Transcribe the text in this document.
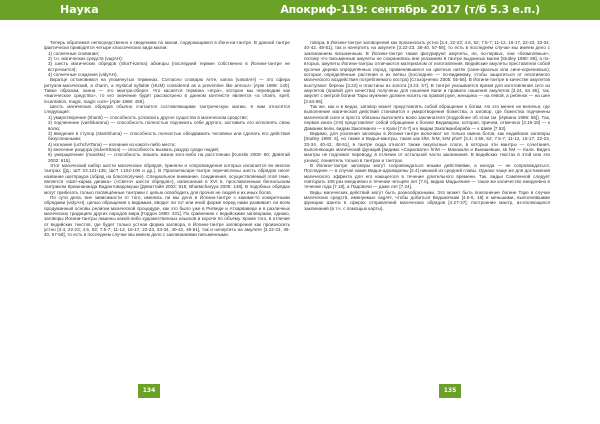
Наука	Апокриф-119: сентябрь 2017 (т/б 5.3 е.п.)

Теперь обратимся непосредственно к сведениям по магии, содержащимся в Йоги-ни-тантре. В данной тантре фактически приводятся четыре классических вида магии:

1) солнечные снования;
2) т.н. магических средств (vagAH);
3) шесть магических обрядов (ShaT-karma) абхиоры (последний термин собственно в Йогини-тантре не встречается);
4) солнечные сокдения (vidyAH).

Вкратце остановимся на упомянутых терминах. Согласно словарю Апте, каnna (vasatAH) — это сфера ритуала-магический, а charm, a mystical syllable (HUM) considered as a preventive like armour» [Apte 1988: 140]. Также образом, канна — это мантра-оберег. Что касается термина «ягра», которое мы переводим как «магическое средство», то его значение будет рассмотрено в данном контексте является «a charm, spell, incantation, magic, magic cure» [Apte 1988: 459].

Шесть магических обрядов обычно считается составляющими тантрическую магию. К ним относятся следующие:

1) умиротворение (shanti) — способность успокоить другое существо в магическом средстве;
2) подчинение (vashikarana) — способность полностью подчинить себе другого, заставить его исполнять свою волю;
3) введение в ступор (stambhana) — способность полностью обездвижить человека или сделать его действия безуспешными;
4) изгнание (uchchATana) — изгнание из какого-либо места;
5) внесение раздора (vidveShana) — способность вызвать раздор среди людей;
6) умерщвление (maraNa) — способность лишать жизни кого-либо на расстоянии [Kunstis 2009: 80; Девятай 2002: 615].

Этот магический набор шести магических обрядов, приняли и сопровождения которых излагается во многих тантрах ([Д.; ШТ 23.121-135; ШсТ I.102-106 и др.]. В Праланчасаре-тантре перечислены шесть обрядов несет название шатпраура (обряд на благополучие). Специальное внимание, соединения, осуществляемый этой теме, является «Шат-карма дипика» («Светоч шести обрядов»), написанная в XVI в. прославленным бенгальским тантриком Кришнананда Вадантовадомуши [Деваттайя 2002: 615; Bhattacharyya 2005: 148]. В подобных обрядах могут прибегать только посвящённые тантрики с целью освободить для прочих не людей и их иных богов.

По сути дела, вне зависимости от того, имелись ли мы дело в Йогини-тантре с какими-то конкретными обрядами (vidyAH), целью обращения к видимым, вводит ли тот или иной форме перед нами развивает ли всем продуманный основы религии магической процедуре, как это было уже в Ригведе и Атхарваведе и в различных магических традициях других народов мира [Гордон 1990: 431]. По сравнению с ведийскими заговорами, однако, заговоры Йогини-тантры лишены какой-либо художественных изысков и короче по объёму. Кроме того, в отличие от ведийских текстов, где будет только устная форма заговора, в Йогини-тантре заговорения как произносить устно [3.4, 22-23; 4.5, 52; 7.5-7; 11-12, 16-17, 22-23, 33-34, 40-42, 48-51], так и начертить на амулете [3.22-23, 36-40, 57-58], то есть в последнем случае мы имеем дело с заклинаниями письменными.

говора, в Йогини-тантре заговорения как произносить устно [3.4, 22-23; 4.5, 52; 7.5-7; 11-12, 16-17, 22-23, 33-34, 40-42, 48-51], так и начертить на амулете [3.22-23, 36-40, 57-58], то есть в последнем случае мы имеем дело с заклинанием письменным. В Йогини-тантре также фигурируют амулеты, но, по-первых, они «безмолвные», потому что письменные амулеты не сохранились вне указаниях в тантре выданных магии [Stutley 1980: 88], а по-вторых, амулеты Йогини-тантры отличаются материалом от изготовления. Ведийские амулеты преставляли собой кусочки дерева определённых пород, применявшиеся на цветных нитях (сине-красных или сине-коричневых), которые определённые растения и их ветвы (последнее — по-видимому, чтобы защититься от негативного магического воздействия потребляемого костра) [Стахорченко 2005: 55-56]. В Йогини-тантре в качестве амулетов выступают березы [3.22] и пластины из золота [3.23, 57]. В тантре указывается время для изготовления сего из амулетов (правой для качества) получены для ношения Капи и правило нашения амулетов [3.24, 64 65], так, амулет с метрой богини Тары мужчине должен носить на правой руке, женщина — на левой, а ребенок — на шее [3.64-65].

Так же, как и в ведах, заговор может представлять собой обращение к богам. Но это менее не величья, где выполнение магической действий становится к умиротворения божества, а заговор, где божества подчинены магической силе и просто обязаны выполнять волю заклинателя (подробнее об этом см. [Ирвина 1986: 56]). Так, первая книга (3-9) представляет собой обращение к богине Ведаварни, которая, причем, отмечено [3.16-18] — к Даманик вели, видам Закопманги — к Кали [7.6-7] и к видам Закопманбараба — к Шиве [7.53].

Видимо, для усиления заговоры в Йогини-тантре включают не только имена богов, как ведийские заговоры [Stutley 1980: 6], но также и Видья-мантры, такие как klM, hrM, krM phaT [3.4; 4.55, 52; 7.5-7; 11-12, 16-17, 22-23, 33-34, 40-42, 48-51], в тантре сюда относят также оккультные слоги, в которых эти мантры — сочетания, выполняющих магический функций [видимо «Сарасвати» hriM — Махакали и Вькишевши, sk hM — Кали. Видео мантры не подлежат переводу, в отличие от остальной части заклинания. В ведийских текстах в этой или эти узнают, пониятель только в тантрах и тантрах.

В Йогини-тантре заговоры могут сопровождаться иными действиями, а иногда — не сопровождаться. Последнее — в случае какие Видья-адхикарены [3.4] никакой из средней главы. Однако чаще же для достижения магического эффекта для его кающегося в течение длительного времени. Так, видьи Сампенной следует повторить 108 раз ежедневно в течение четырёх лет [7.5], видию Мадьелине — такое же количество ежедневно в течение года [7.18], а Падовачи — даже лет [7.24].

Виды магических действий могут быть разнообразными. Это может быть поклонение богине Таре в случае магических средств, именуемых vagAH, чтобы добиться Ведьмочкам [4.5-6, 18] и меньшими, выполнявшими функцию Шанти в сферах отправлений магических обрядов [4.27-37], построение мантр, из-полнющихся заклинаний (в т.ч. с помощью карты).

134	135
